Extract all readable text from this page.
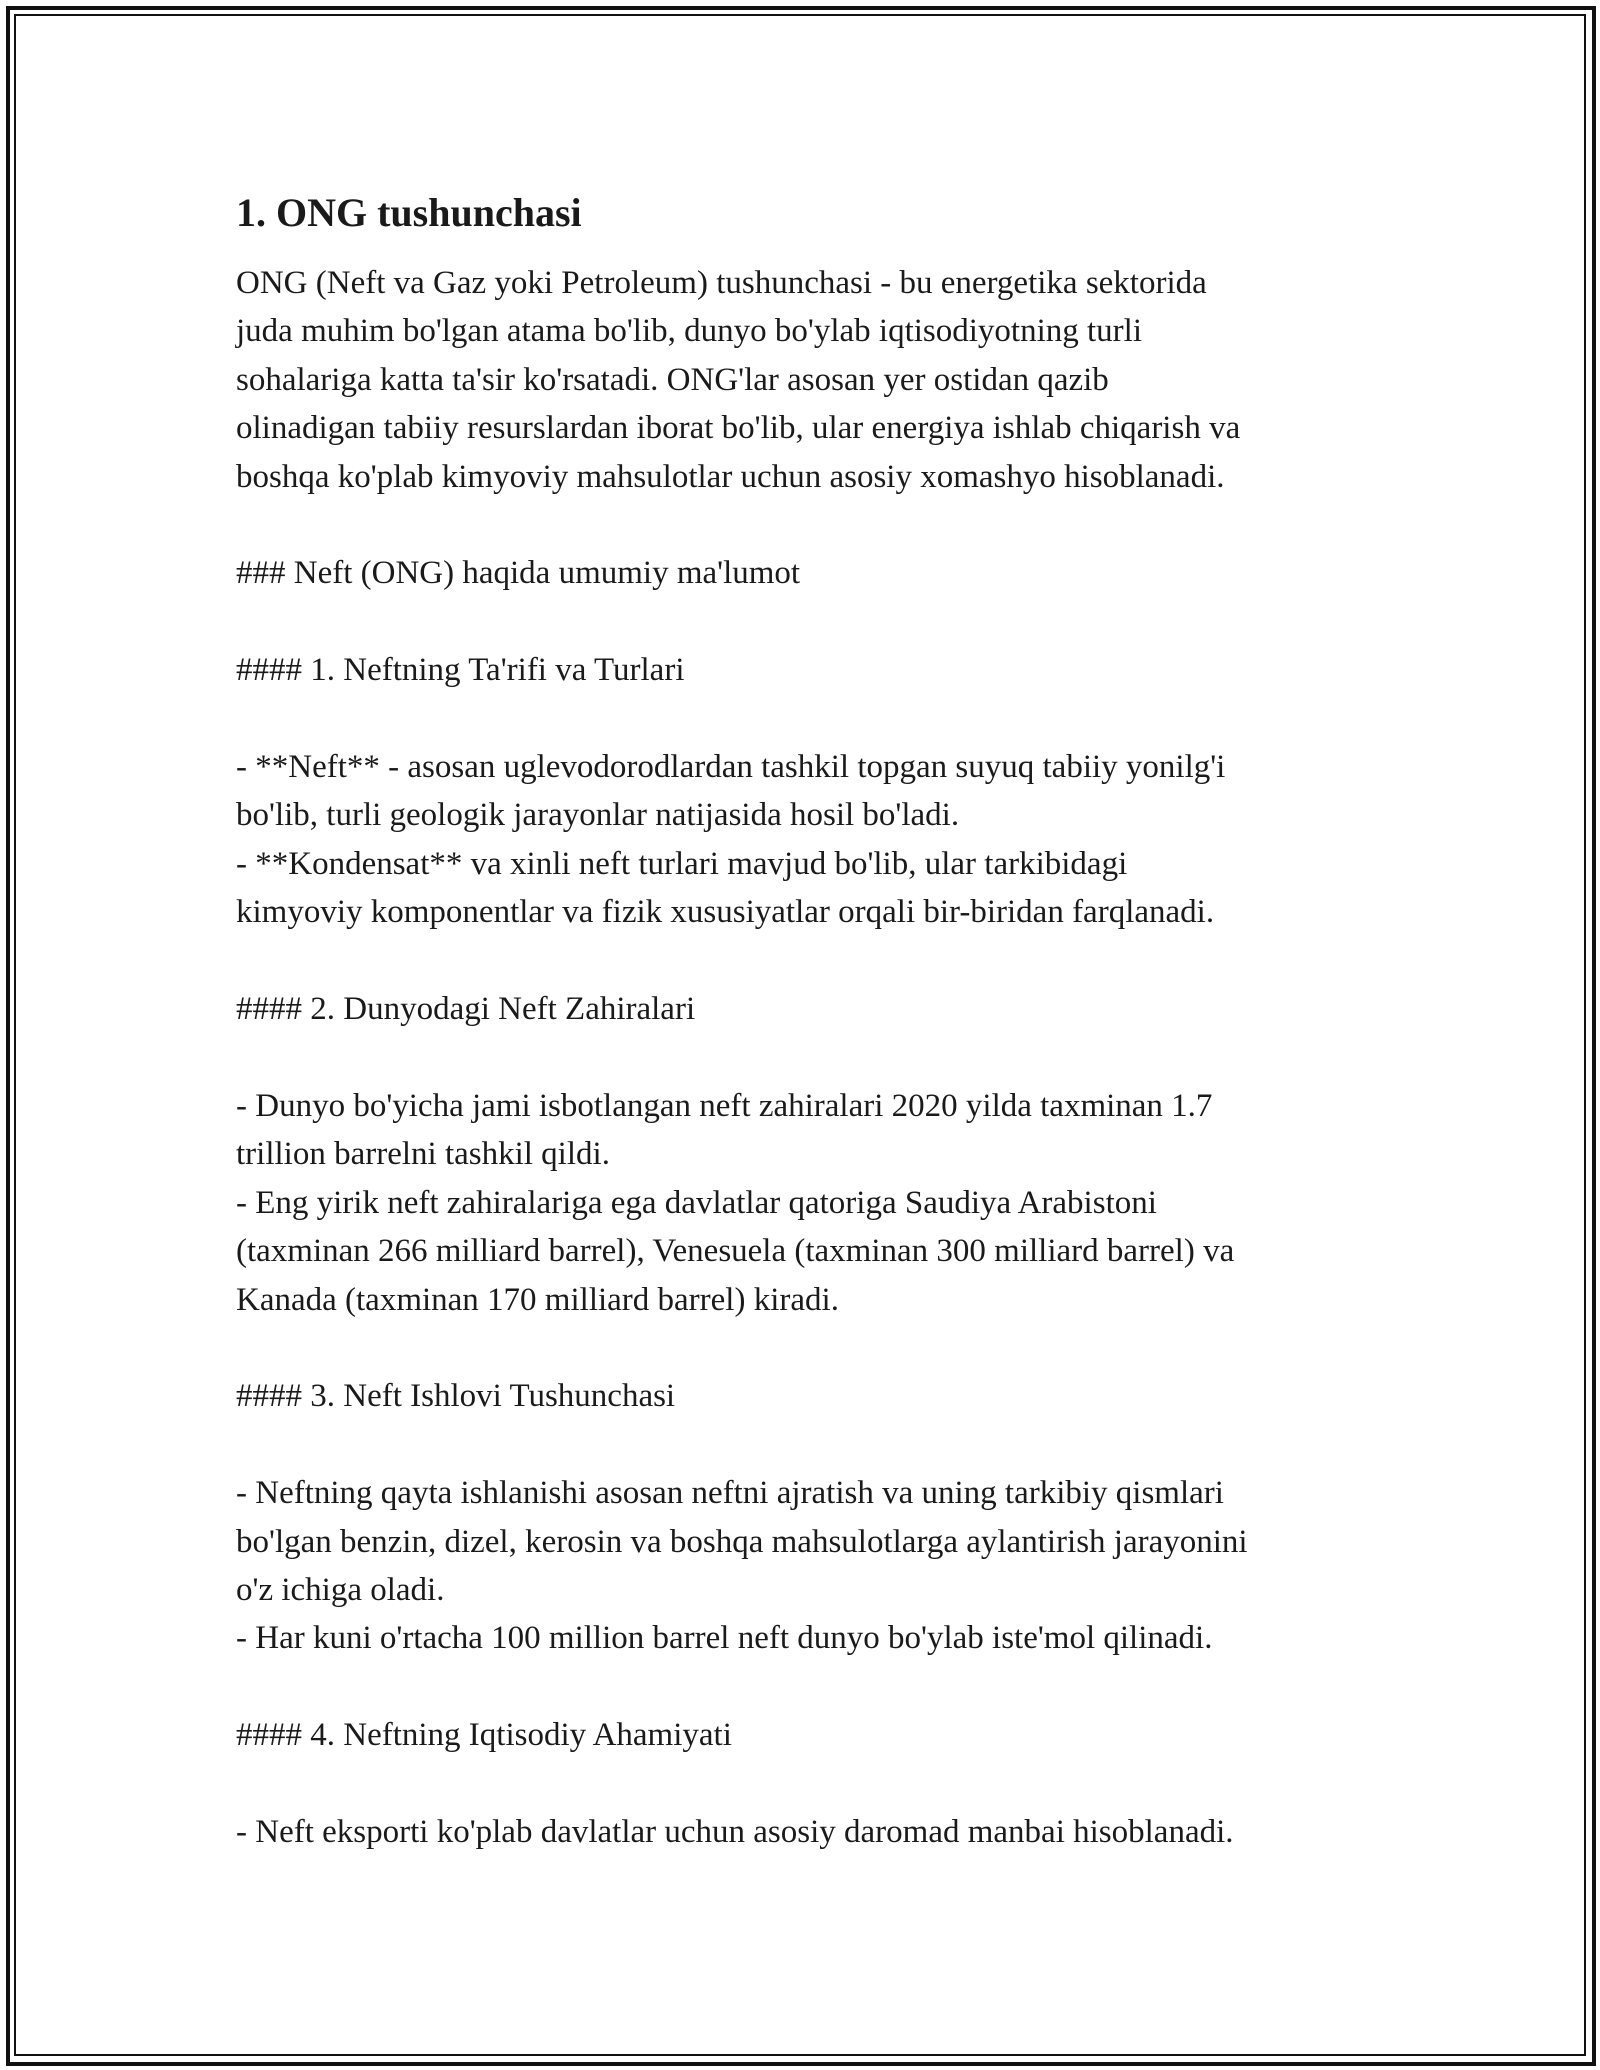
1. ONG tushunchasi

ONG (Neft va Gaz yoki Petroleum) tushunchasi - bu energetika sektorida
juda muhim bo'lgan atama bo'lib, dunyo bo'ylab iqtisodiyotning turli
sohalariga katta ta'sir ko'rsatadi. ONG'lar asosan yer ostidan qazib
olinadigan tabiiy resurslardan iborat bo'lib, ular energiya ishlab chiqarish va
boshqa ko'plab kimyoviy mahsulotlar uchun asosiy xomashyo hisoblanadi.

### Neft (ONG) haqida umumiy ma'lumot

#### 1. Neftning Ta'rifi va Turlari

- **Neft** - asosan uglevodorodlardan tashkil topgan suyuq tabiiy yonilg'i
bo'lib, turli geologik jarayonlar natijasida hosil bo'ladi.
- **Kondensat** va xinli neft turlari mavjud bo'lib, ular tarkibidagi
kimyoviy komponentlar va fizik xususiyatlar orqali bir-biridan farqlanadi.

#### 2. Dunyodagi Neft Zahiralari

- Dunyo bo'yicha jami isbotlangan neft zahiralari 2020 yilda taxminan 1.7
trillion barrelni tashkil qildi.
- Eng yirik neft zahiralariga ega davlatlar qatoriga Saudiya Arabistoni
(taxminan 266 milliard barrel), Venesuela (taxminan 300 milliard barrel) va
Kanada (taxminan 170 milliard barrel) kiradi.

#### 3. Neft Ishlovi Tushunchasi

- Neftning qayta ishlanishi asosan neftni ajratish va uning tarkibiy qismlari
bo'lgan benzin, dizel, kerosin va boshqa mahsulotlarga aylantirish jarayonini
o'z ichiga oladi.
- Har kuni o'rtacha 100 million barrel neft dunyo bo'ylab iste'mol qilinadi.

#### 4. Neftning Iqtisodiy Ahamiyati

- Neft eksporti ko'plab davlatlar uchun asosiy daromad manbai hisoblanadi.
